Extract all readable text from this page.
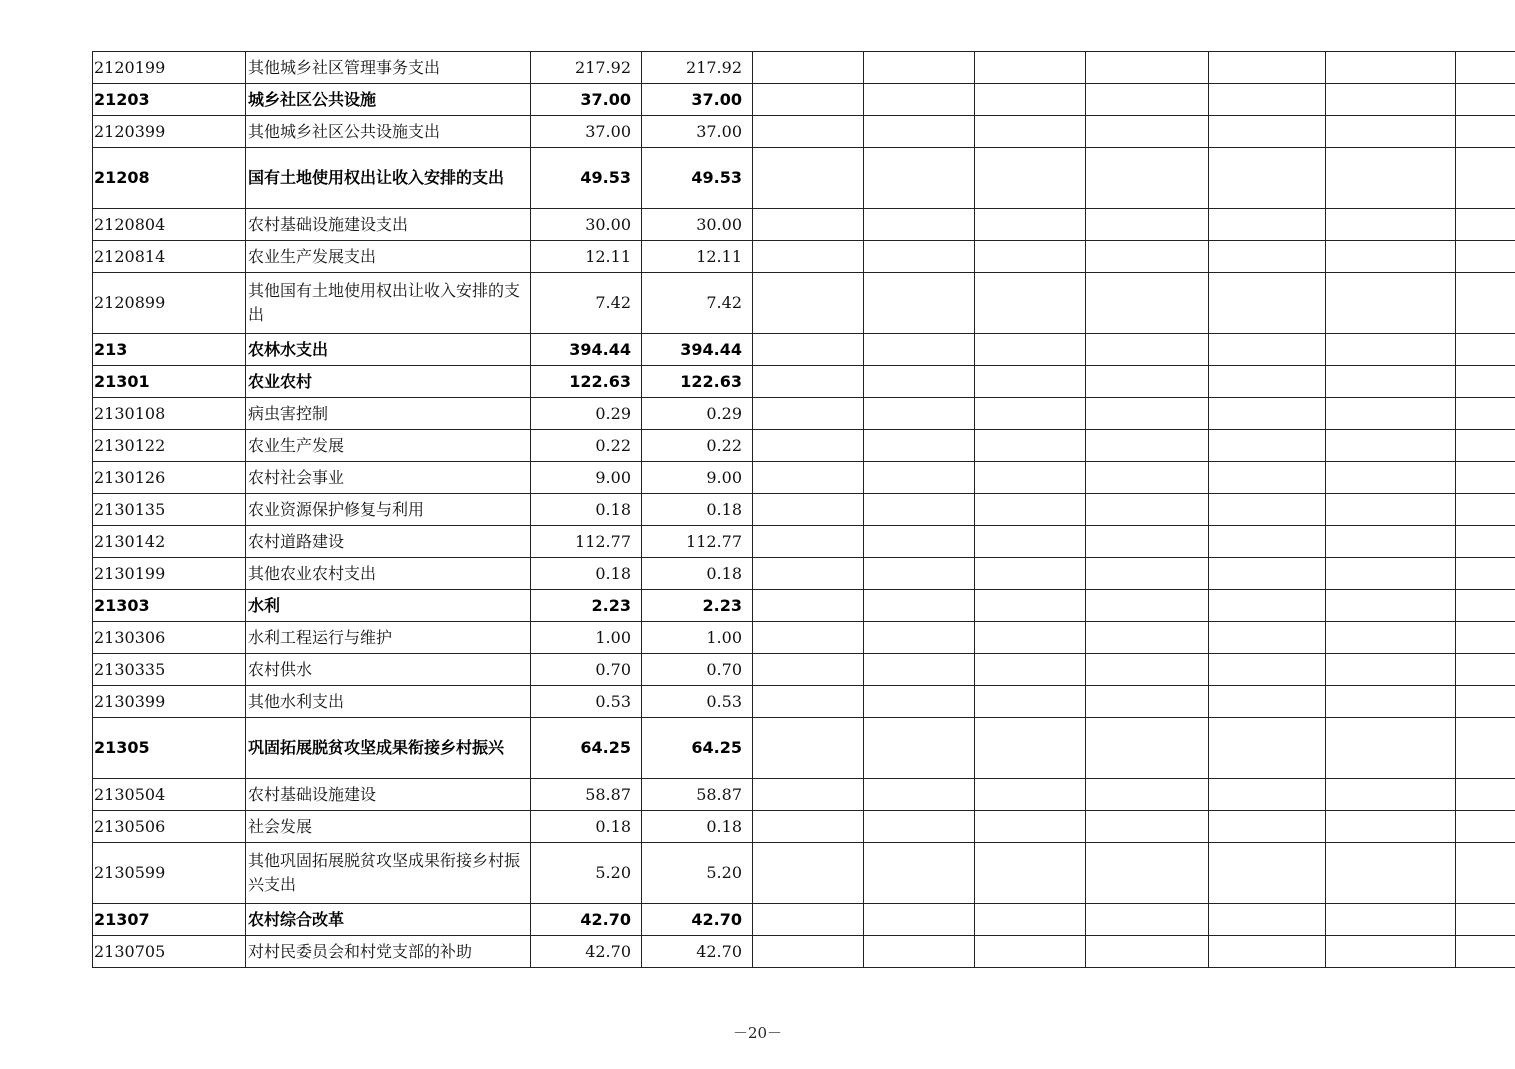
2120199	其他城乡社区管理事务支出	217.92	217.92							
21203	城乡社区公共设施	37.00	37.00							
2120399	其他城乡社区公共设施支出	37.00	37.00							
21208	国有土地使用权出让收入安排的支出	49.53	49.53							
2120804	农村基础设施建设支出	30.00	30.00							
2120814	农业生产发展支出	12.11	12.11							
2120899	其他国有土地使用权出让收入安排的支出	7.42	7.42							
213	农林水支出	394.44	394.44							
21301	农业农村	122.63	122.63							
2130108	病虫害控制	0.29	0.29							
2130122	农业生产发展	0.22	0.22							
2130126	农村社会事业	9.00	9.00							
2130135	农业资源保护修复与利用	0.18	0.18							
2130142	农村道路建设	112.77	112.77							
2130199	其他农业农村支出	0.18	0.18							
21303	水利	2.23	2.23							
2130306	水利工程运行与维护	1.00	1.00							
2130335	农村供水	0.70	0.70							
2130399	其他水利支出	0.53	0.53							
21305	巩固拓展脱贫攻坚成果衔接乡村振兴	64.25	64.25							
2130504	农村基础设施建设	58.87	58.87							
2130506	社会发展	0.18	0.18							
2130599	其他巩固拓展脱贫攻坚成果衔接乡村振兴支出	5.20	5.20							
21307	农村综合改革	42.70	42.70							
2130705	对村民委员会和村党支部的补助	42.70	42.70							
－20－
